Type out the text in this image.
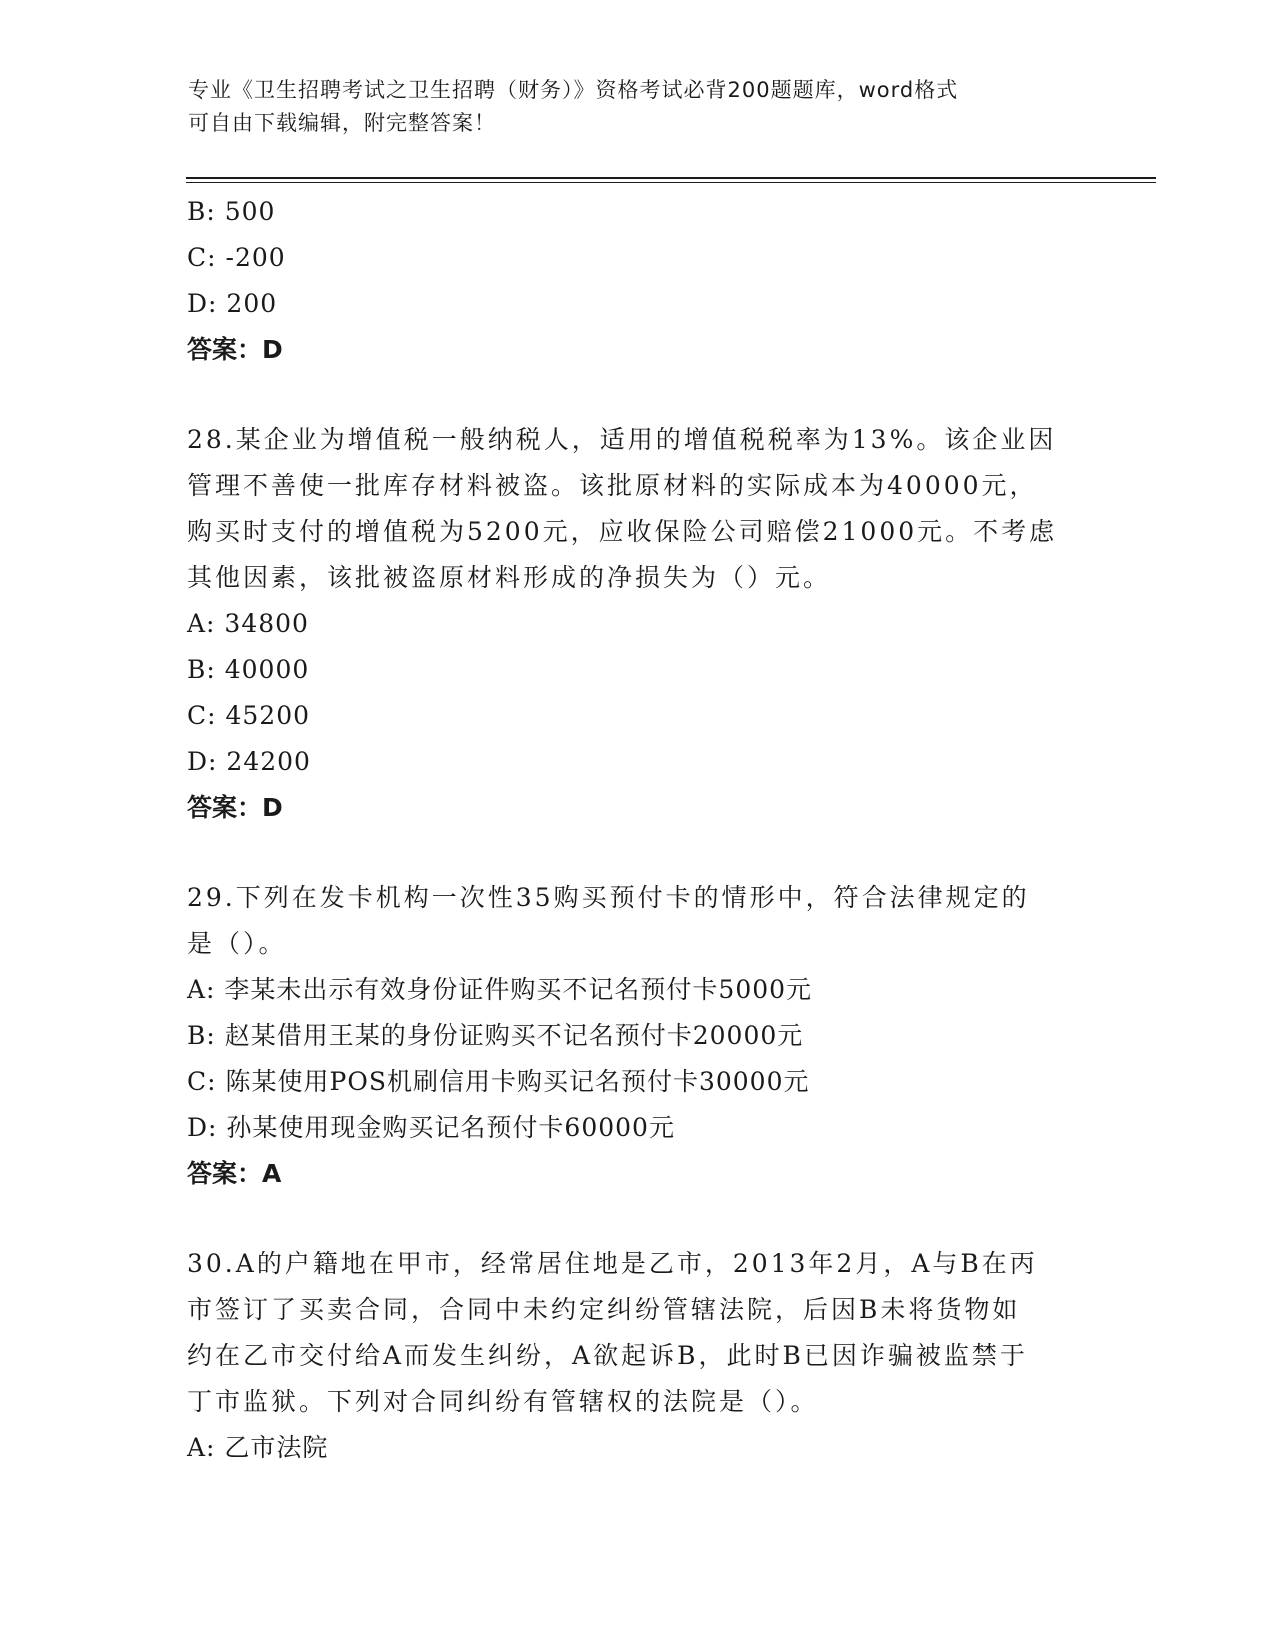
专业《卫生招聘考试之卫生招聘（财务）》资格考试必背200题题库，word格式
可自由下载编辑，附完整答案！
B: 500
C: -200
D: 200
答案：D
28.某企业为增值税一般纳税人，适用的增值税税率为13%。该企业因
管理不善使一批库存材料被盗。该批原材料的实际成本为40000元，
购买时支付的增值税为5200元，应收保险公司赔偿21000元。不考虑
其他因素，该批被盗原材料形成的净损失为（）元。
A: 34800
B: 40000
C: 45200
D: 24200
答案：D
29.下列在发卡机构一次性35购买预付卡的情形中，符合法律规定的
是（）。
A: 李某未出示有效身份证件购买不记名预付卡5000元
B: 赵某借用王某的身份证购买不记名预付卡20000元
C: 陈某使用POS机刷信用卡购买记名预付卡30000元
D: 孙某使用现金购买记名预付卡60000元
答案：A
30.A的户籍地在甲市，经常居住地是乙市，2013年2月，A与B在丙
市签订了买卖合同，合同中未约定纠纷管辖法院，后因B未将货物如
约在乙市交付给A而发生纠纷，A欲起诉B，此时B已因诈骗被监禁于
丁市监狱。下列对合同纠纷有管辖权的法院是（）。
A: 乙市法院
